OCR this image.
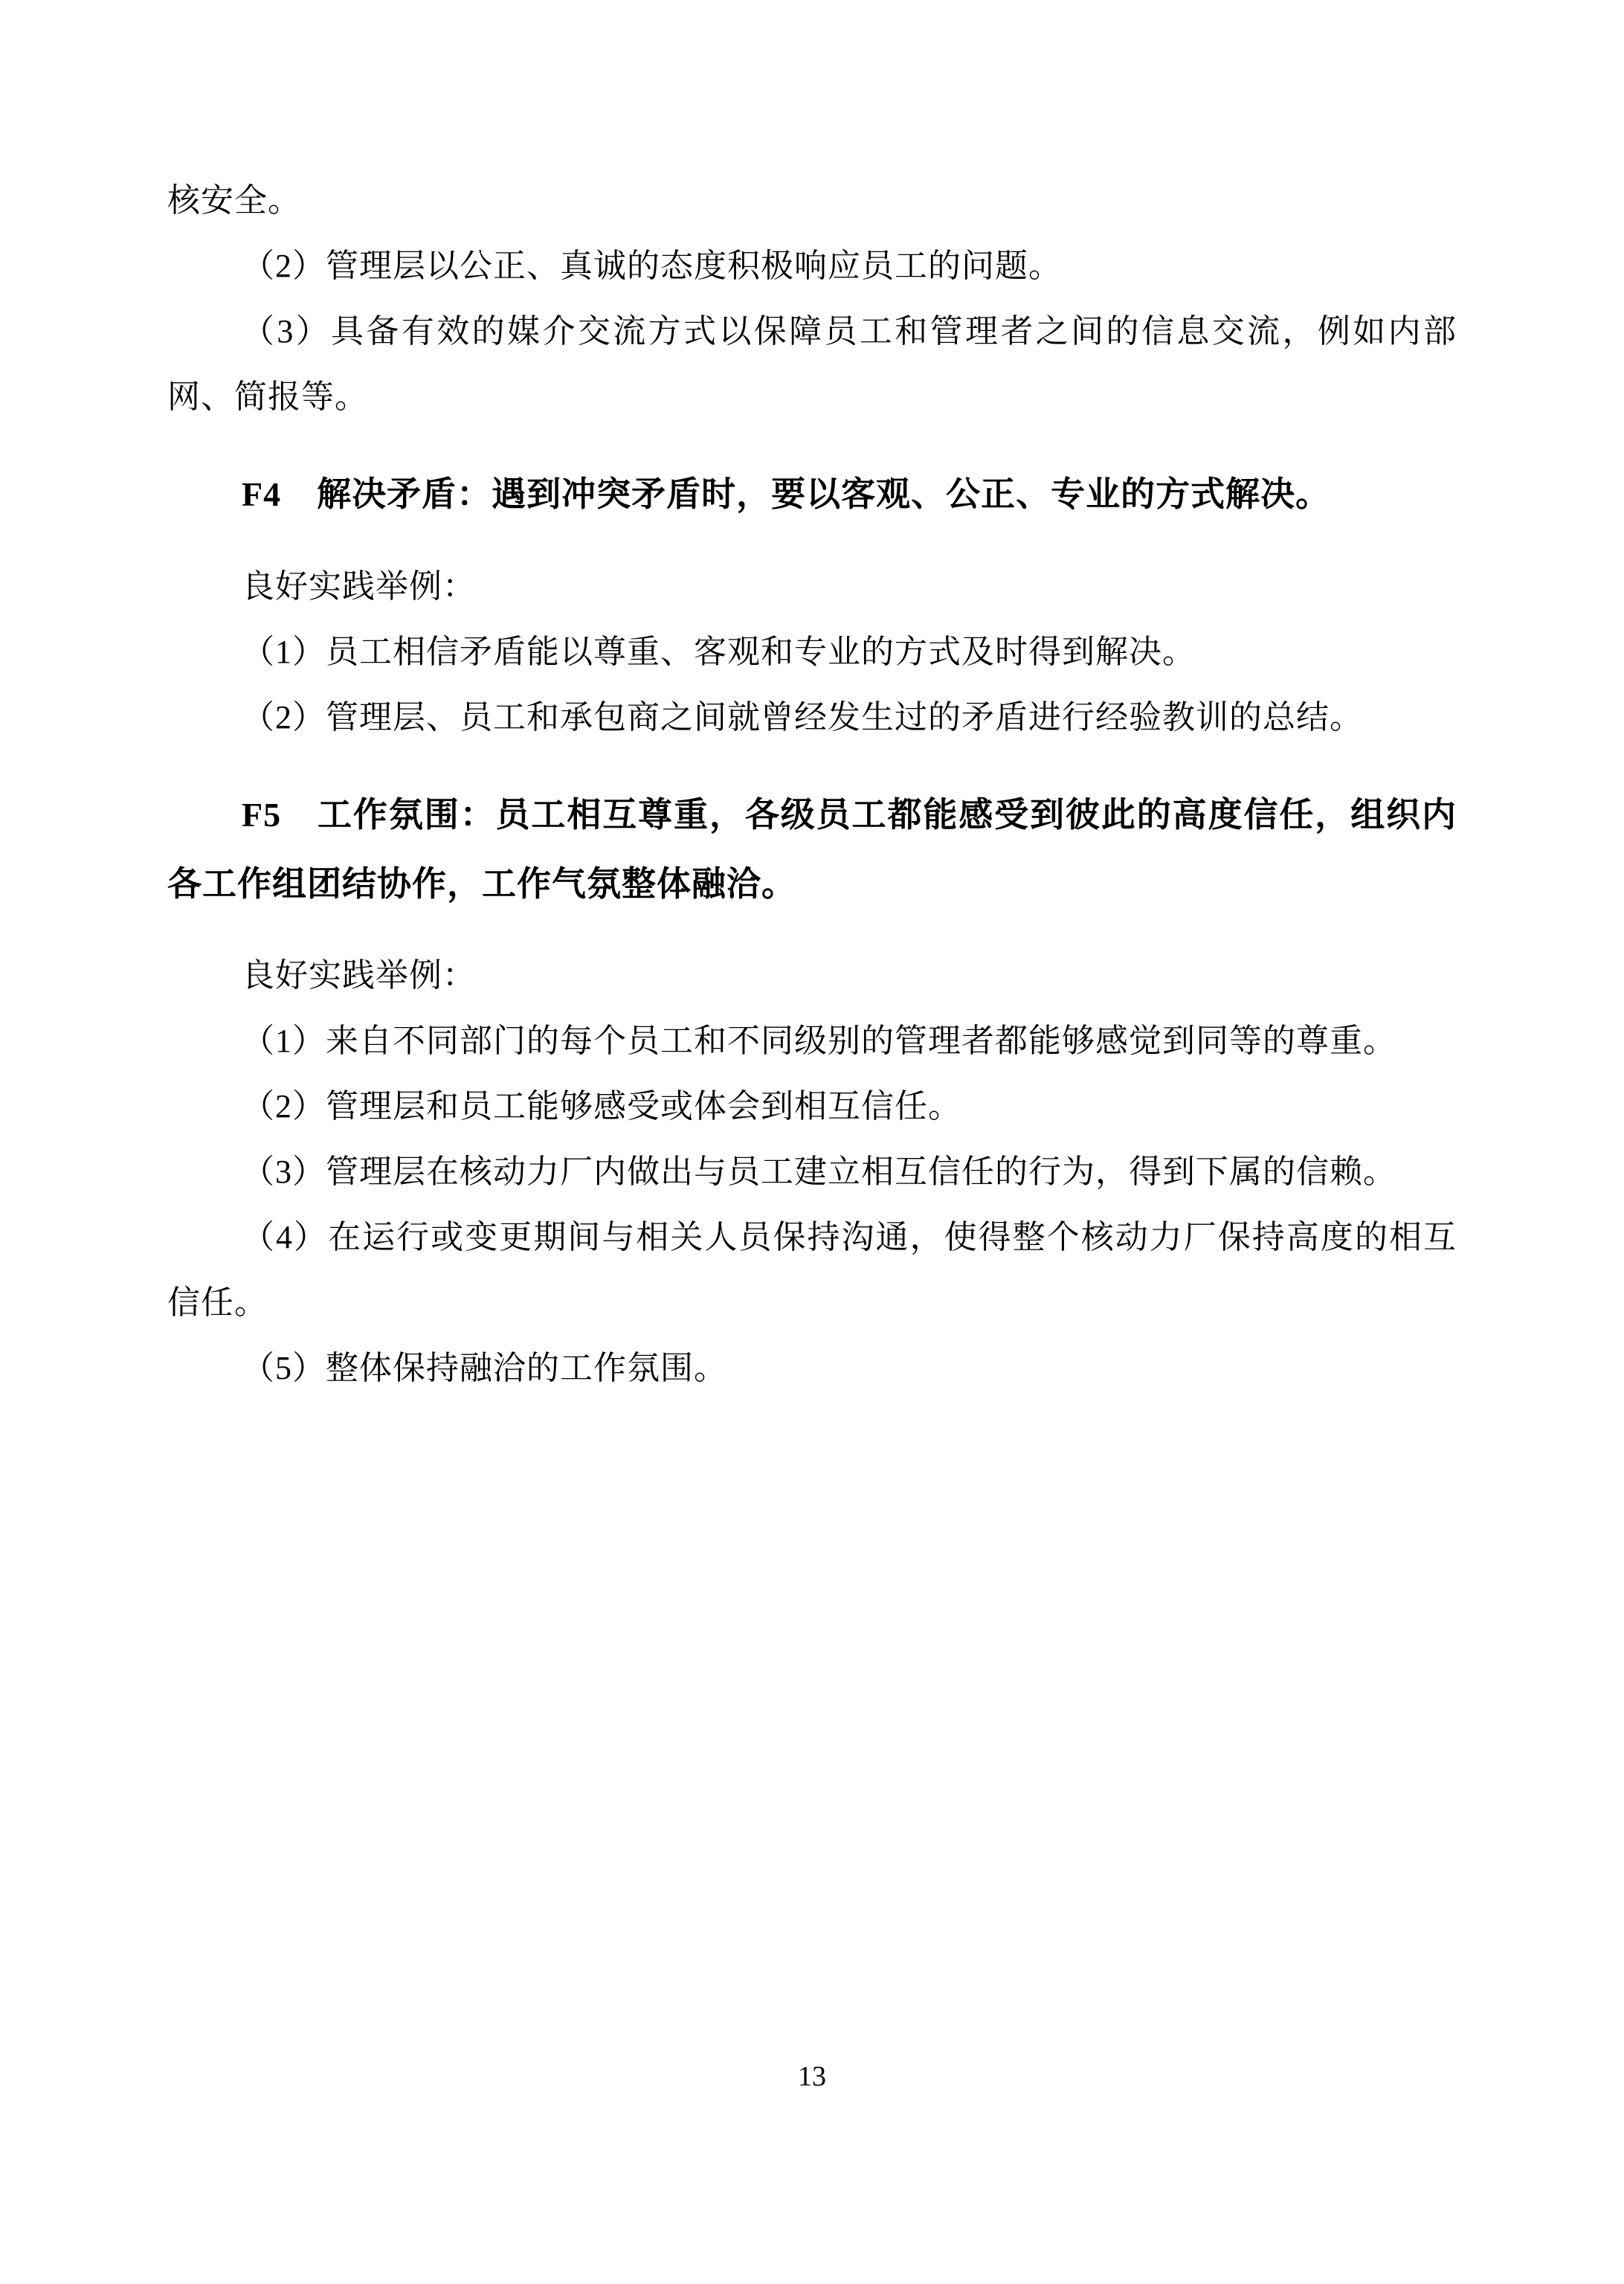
核安全。

（2）管理层以公正、真诚的态度积极响应员工的问题。

（3）具备有效的媒介交流方式以保障员工和管理者之间的信息交流，例如内部网、简报等。

F4 解决矛盾：遇到冲突矛盾时，要以客观、公正、专业的方式解决。

良好实践举例：

（1）员工相信矛盾能以尊重、客观和专业的方式及时得到解决。

（2）管理层、员工和承包商之间就曾经发生过的矛盾进行经验教训的总结。

F5 工作氛围：员工相互尊重，各级员工都能感受到彼此的高度信任，组织内各工作组团结协作，工作气氛整体融洽。

良好实践举例：

（1）来自不同部门的每个员工和不同级别的管理者都能够感觉到同等的尊重。

（2）管理层和员工能够感受或体会到相互信任。

（3）管理层在核动力厂内做出与员工建立相互信任的行为，得到下属的信赖。

（4）在运行或变更期间与相关人员保持沟通，使得整个核动力厂保持高度的相互信任。

（5）整体保持融洽的工作氛围。

13
